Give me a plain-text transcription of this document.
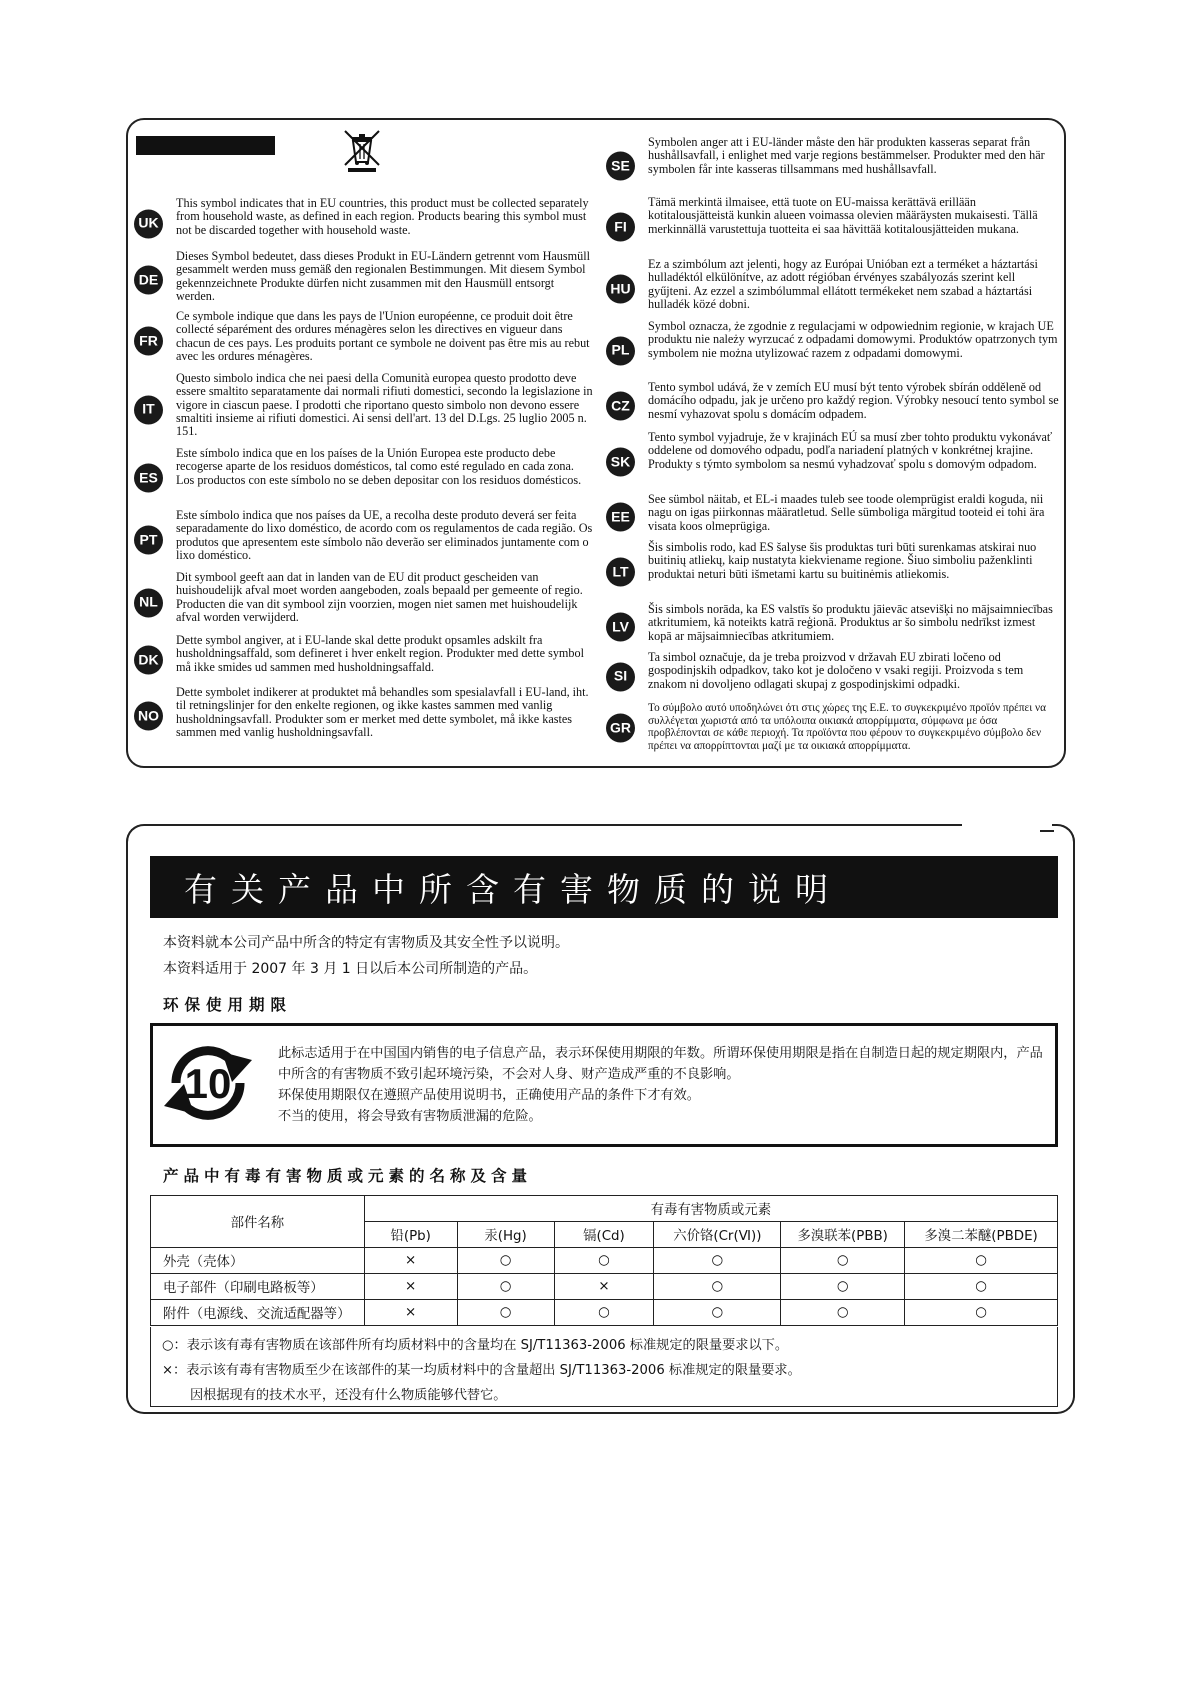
UK

This symbol indicates that in EU countries, this product must be collected separately from household waste, as defined in each region. Products bearing this symbol must not be discarded together with household waste.

DE

Dieses Symbol bedeutet, dass dieses Produkt in EU-Ländern getrennt vom Hausmüll gesammelt werden muss gemäß den regionalen Bestimmungen. Mit diesem Symbol gekennzeichnete Produkte dürfen nicht zusammen mit den Hausmüll entsorgt werden.

FR

Ce symbole indique que dans les pays de l'Union européenne, ce produit doit être collecté séparément des ordures ménagères selon les directives en vigueur dans chacun de ces pays. Les produits portant ce symbole ne doivent pas être mis au rebut avec les ordures ménagères.

IT

Questo simbolo indica che nei paesi della Comunità europea questo prodotto deve essere smaltito separatamente dai normali rifiuti domestici, secondo la legislazione in vigore in ciascun paese. I prodotti che riportano questo simbolo non devono essere smaltiti insieme ai rifiuti domestici. Ai sensi dell'art. 13 del D.Lgs. 25 luglio 2005 n. 151.

ES

Este símbolo indica que en los países de la Unión Europea este producto debe recogerse aparte de los residuos domésticos, tal como esté regulado en cada zona. Los productos con este símbolo no se deben depositar con los residuos domésticos.

PT

Este símbolo indica que nos países da UE, a recolha deste produto deverá ser feita separadamente do lixo doméstico, de acordo com os regulamentos de cada região. Os produtos que apresentem este símbolo não deverão ser eliminados juntamente com o lixo doméstico.

NL

Dit symbool geeft aan dat in landen van de EU dit product gescheiden van huishoudelijk afval moet worden aangeboden, zoals bepaald per gemeente of regio. Producten die van dit symbool zijn voorzien, mogen niet samen met huishoudelijk afval worden verwijderd.

DK

Dette symbol angiver, at i EU-lande skal dette produkt opsamles adskilt fra husholdningsaffald, som defineret i hver enkelt region. Produkter med dette symbol må ikke smides ud sammen med husholdningsaffald.

NO

Dette symbolet indikerer at produktet må behandles som spesialavfall i EU-land, iht. til retningslinjer for den enkelte regionen, og ikke kastes sammen med vanlig husholdningsavfall. Produkter som er merket med dette symbolet, må ikke kastes sammen med vanlig husholdningsavfall.

SE

Symbolen anger att i EU-länder måste den här produkten kasseras separat från hushållsavfall, i enlighet med varje regions bestämmelser. Produkter med den här symbolen får inte kasseras tillsammans med hushållsavfall.

FI

Tämä merkintä ilmaisee, että tuote on EU-maissa kerättävä erillään kotitalousjätteistä kunkin alueen voimassa olevien määräysten mukaisesti. Tällä merkinnällä varustettuja tuotteita ei saa hävittää kotitalousjätteiden mukana.

HU

Ez a szimbólum azt jelenti, hogy az Európai Unióban ezt a terméket a háztartási hulladéktól elkülönítve, az adott régióban érvényes szabályozás szerint kell gyűjteni. Az ezzel a szimbólummal ellátott termékeket nem szabad a háztartási hulladék közé dobni.

PL

Symbol oznacza, że zgodnie z regulacjami w odpowiednim regionie, w krajach UE produktu nie należy wyrzucać z odpadami domowymi. Produktów opatrzonych tym symbolem nie można utylizować razem z odpadami domowymi.

CZ

Tento symbol udává, že v zemích EU musí být tento výrobek sbírán odděleně od domácího odpadu, jak je určeno pro každý region. Výrobky nesoucí tento symbol se nesmí vyhazovat spolu s domácím odpadem.

SK

Tento symbol vyjadruje, že v krajinách EÚ sa musí zber tohto produktu vykonávať oddelene od domového odpadu, podľa nariadení platných v konkrétnej krajine. Produkty s týmto symbolom sa nesmú vyhadzovať spolu s domovým odpadom.

EE

See sümbol näitab, et EL-i maades tuleb see toode olemprügist eraldi koguda, nii nagu on igas piirkonnas määratletud. Selle sümboliga märgitud tooteid ei tohi ära visata koos olmeprügiga.

LT

Šis simbolis rodo, kad ES šalyse šis produktas turi būti surenkamas atskirai nuo buitinių atliekų, kaip nustatyta kiekviename regione. Šiuo simboliu paženklinti produktai neturi būti išmetami kartu su buitinėmis atliekomis.

LV

Šis simbols norāda, ka ES valstīs šo produktu jāievāc atsevišķi no mājsaimniecības atkritumiem, kā noteikts katrā reģionā. Produktus ar šo simbolu nedrīkst izmest kopā ar mājsaimniecības atkritumiem.

SI

Ta simbol označuje, da je treba proizvod v državah EU zbirati ločeno od gospodinjskih odpadkov, tako kot je določeno v vsaki regiji. Proizvoda s tem znakom ni dovoljeno odlagati skupaj z gospodinjskimi odpadki.

GR

Το σύμβολο αυτό υποδηλώνει ότι στις χώρες της Ε.Ε. το συγκεκριμένο προϊόν πρέπει να συλλέγεται χωριστά από τα υπόλοιπα οικιακά απορρίμματα, σύμφωνα με όσα προβλέπονται σε κάθε περιοχή. Τα προϊόντα που φέρουν το συγκεκριμένο σύμβολο δεν πρέπει να απορρίπτονται μαζί με τα οικιακά απορρίμματα.

有关产品中所含有害物质的说明
本资料就本公司产品中所含的特定有害物质及其安全性予以说明。
本资料适用于 2007 年 3 月 1 日以后本公司所制造的产品。
环保使用期限
10

此标志适用于在中国国内销售的电子信息产品，表示环保使用期限的年数。所谓环保使用期限是指在自制造日起的规定期限内，产品中所含的有害物质不致引起环境污染，不会对人身、财产造成严重的不良影响。

环保使用期限仅在遵照产品使用说明书，正确使用产品的条件下才有效。

不当的使用，将会导致有害物质泄漏的危险。

产品中有毒有害物质或元素的名称及含量
部件名称	有毒有害物质或元素					
	铅(Pb)	汞(Hg)	镉(Cd)	六价铬(Cr(Ⅵ))	多溴联苯(PBB)	多溴二苯醚(PBDE)
外壳（壳体）	×	○	○	○	○	○
电子部件（印刷电路板等）	×	○	×	○	○	○
附件（电源线、交流适配器等）	×	○	○	○	○	○

○：表示该有毒有害物质在该部件所有均质材料中的含量均在 SJ/T11363-2006 标准规定的限量要求以下。

×：表示该有毒有害物质至少在该部件的某一均质材料中的含量超出 SJ/T11363-2006 标准规定的限量要求。

因根据现有的技术水平，还没有什么物质能够代替它。
